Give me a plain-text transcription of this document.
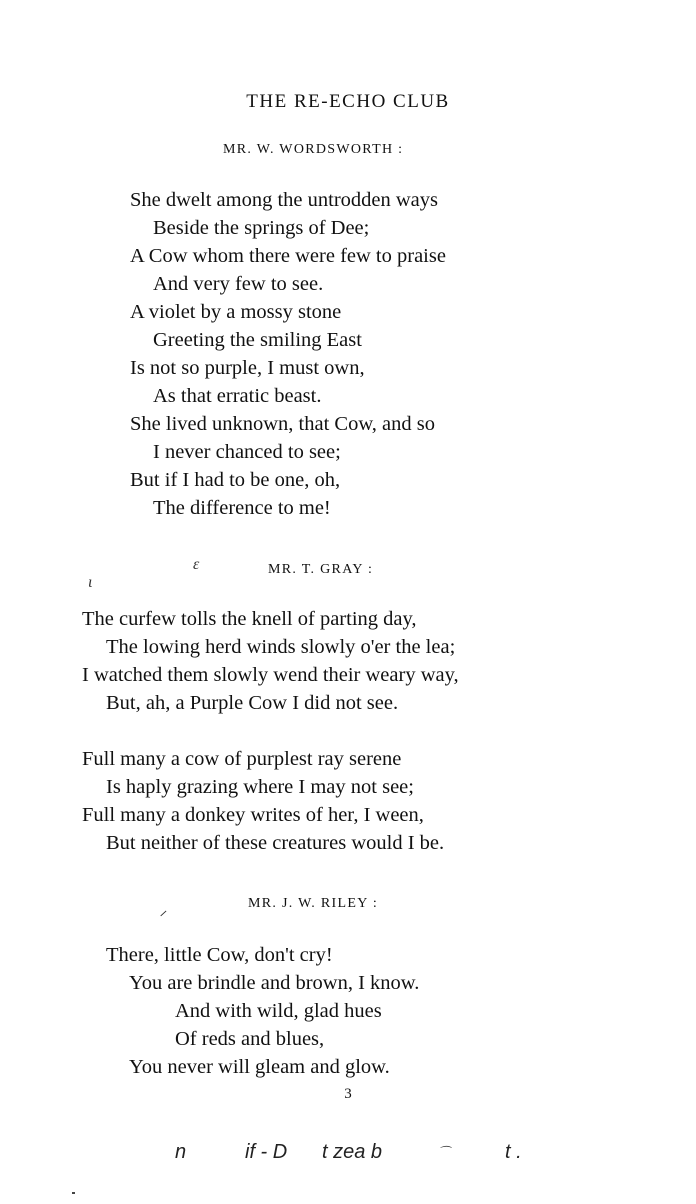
THE RE-ECHO CLUB
MR. W. WORDSWORTH :
She dwelt among the untrodden ways
Beside the springs of Dee;
A Cow whom there were few to praise
And very few to see.
A violet by a mossy stone
Greeting the smiling East
Is not so purple, I must own,
As that erratic beast.
She lived unknown, that Cow, and so
I never chanced to see;
But if I had to be one, oh,
The difference to me!
ɛ
ɩ
MR. T. GRAY :
The curfew tolls the knell of parting day,
The lowing herd winds slowly o'er the lea;
I watched them slowly wend their weary way,
But, ah, a Purple Cow I did not see.
Full many a cow of purplest ray serene
Is haply grazing where I may not see;
Full many a donkey writes of her, I ween,
But neither of these creatures would I be.
ᐟ
MR. J. W. RILEY :
There, little Cow, don't cry!
You are brindle and brown, I know.
And with wild, glad hues
Of reds and blues,
You never will gleam and glow.
3
n	if - D t zea b	⌒	t .
